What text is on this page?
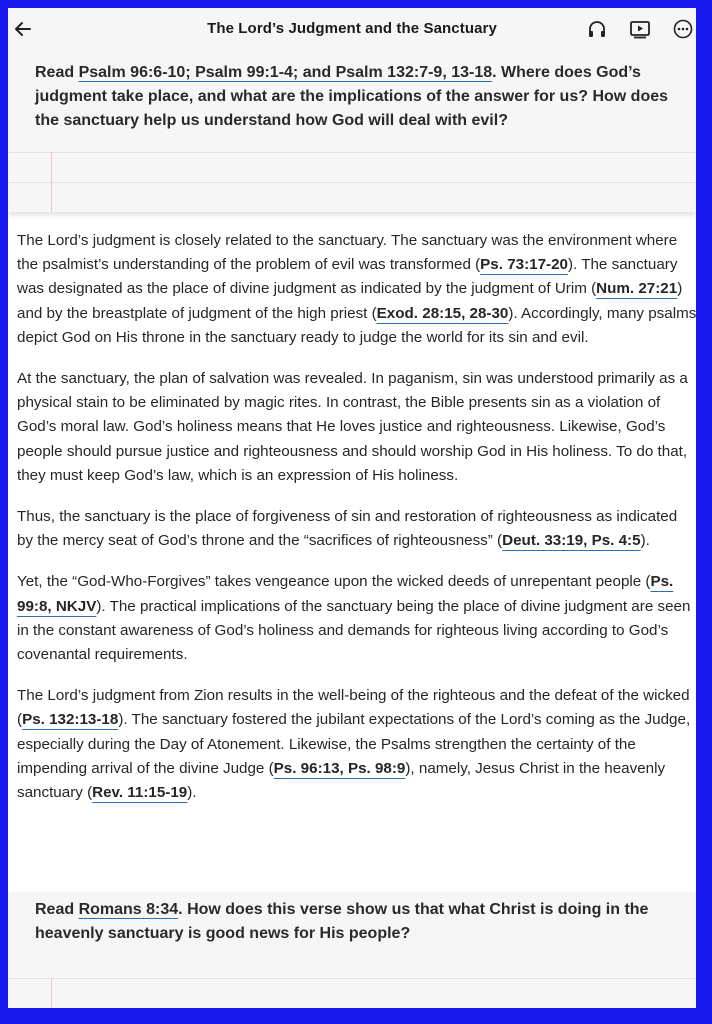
The Lord’s Judgment and the Sanctuary
Read Psalm 96:6-10; Psalm 99:1-4; and Psalm 132:7-9, 13-18. Where does God’s judgment take place, and what are the implications of the answer for us? How does the sanctuary help us understand how God will deal with evil?

The Lord’s judgment is closely related to the sanctuary. The sanctuary was the environment where the psalmist’s understanding of the problem of evil was transformed (Ps. 73:17-20). The sanctuary was designated as the place of divine judgment as indicated by the judgment of Urim (Num. 27:21) and by the breastplate of judgment of the high priest (Exod. 28:15, 28-30). Accordingly, many psalms depict God on His throne in the sanctuary ready to judge the world for its sin and evil.

At the sanctuary, the plan of salvation was revealed. In paganism, sin was understood primarily as a physical stain to be eliminated by magic rites. In contrast, the Bible presents sin as a violation of God’s moral law. God’s holiness means that He loves justice and righteousness. Likewise, God’s people should pursue justice and righteousness and should worship God in His holiness. To do that, they must keep God’s law, which is an expression of His holiness.

Thus, the sanctuary is the place of forgiveness of sin and restoration of righteousness as indicated by the mercy seat of God’s throne and the “sacrifices of righteousness” (Deut. 33:19, Ps. 4:5).

Yet, the “God-Who-Forgives” takes vengeance upon the wicked deeds of unrepentant people (Ps. 99:8, NKJV). The practical implications of the sanctuary being the place of divine judgment are seen in the constant awareness of God’s holiness and demands for righteous living according to God’s covenantal requirements.

The Lord’s judgment from Zion results in the well-being of the righteous and the defeat of the wicked (Ps. 132:13-18). The sanctuary fostered the jubilant expectations of the Lord’s coming as the Judge, especially during the Day of Atonement. Likewise, the Psalms strengthen the certainty of the impending arrival of the divine Judge (Ps. 96:13, Ps. 98:9), namely, Jesus Christ in the heavenly sanctuary (Rev. 11:15-19).

Read Romans 8:34. How does this verse show us that what Christ is doing in the heavenly sanctuary is good news for His people?
